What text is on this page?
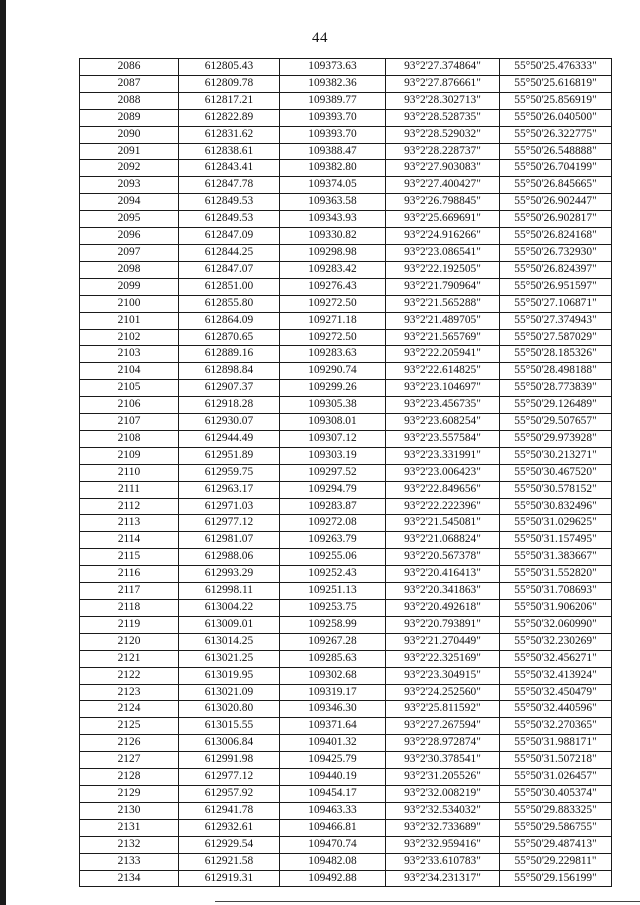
44
2086	612805.43	109373.63	93°2'27.374864"	55°50'25.476333"
2087	612809.78	109382.36	93°2'27.876661"	55°50'25.616819"
2088	612817.21	109389.77	93°2'28.302713"	55°50'25.856919"
2089	612822.89	109393.70	93°2'28.528735"	55°50'26.040500"
2090	612831.62	109393.70	93°2'28.529032"	55°50'26.322775"
2091	612838.61	109388.47	93°2'28.228737"	55°50'26.548888"
2092	612843.41	109382.80	93°2'27.903083"	55°50'26.704199"
2093	612847.78	109374.05	93°2'27.400427"	55°50'26.845665"
2094	612849.53	109363.58	93°2'26.798845"	55°50'26.902447"
2095	612849.53	109343.93	93°2'25.669691"	55°50'26.902817"
2096	612847.09	109330.82	93°2'24.916266"	55°50'26.824168"
2097	612844.25	109298.98	93°2'23.086541"	55°50'26.732930"
2098	612847.07	109283.42	93°2'22.192505"	55°50'26.824397"
2099	612851.00	109276.43	93°2'21.790964"	55°50'26.951597"
2100	612855.80	109272.50	93°2'21.565288"	55°50'27.106871"
2101	612864.09	109271.18	93°2'21.489705"	55°50'27.374943"
2102	612870.65	109272.50	93°2'21.565769"	55°50'27.587029"
2103	612889.16	109283.63	93°2'22.205941"	55°50'28.185326"
2104	612898.84	109290.74	93°2'22.614825"	55°50'28.498188"
2105	612907.37	109299.26	93°2'23.104697"	55°50'28.773839"
2106	612918.28	109305.38	93°2'23.456735"	55°50'29.126489"
2107	612930.07	109308.01	93°2'23.608254"	55°50'29.507657"
2108	612944.49	109307.12	93°2'23.557584"	55°50'29.973928"
2109	612951.89	109303.19	93°2'23.331991"	55°50'30.213271"
2110	612959.75	109297.52	93°2'23.006423"	55°50'30.467520"
2111	612963.17	109294.79	93°2'22.849656"	55°50'30.578152"
2112	612971.03	109283.87	93°2'22.222396"	55°50'30.832496"
2113	612977.12	109272.08	93°2'21.545081"	55°50'31.029625"
2114	612981.07	109263.79	93°2'21.068824"	55°50'31.157495"
2115	612988.06	109255.06	93°2'20.567378"	55°50'31.383667"
2116	612993.29	109252.43	93°2'20.416413"	55°50'31.552820"
2117	612998.11	109251.13	93°2'20.341863"	55°50'31.708693"
2118	613004.22	109253.75	93°2'20.492618"	55°50'31.906206"
2119	613009.01	109258.99	93°2'20.793891"	55°50'32.060990"
2120	613014.25	109267.28	93°2'21.270449"	55°50'32.230269"
2121	613021.25	109285.63	93°2'22.325169"	55°50'32.456271"
2122	613019.95	109302.68	93°2'23.304915"	55°50'32.413924"
2123	613021.09	109319.17	93°2'24.252560"	55°50'32.450479"
2124	613020.80	109346.30	93°2'25.811592"	55°50'32.440596"
2125	613015.55	109371.64	93°2'27.267594"	55°50'32.270365"
2126	613006.84	109401.32	93°2'28.972874"	55°50'31.988171"
2127	612991.98	109425.79	93°2'30.378541"	55°50'31.507218"
2128	612977.12	109440.19	93°2'31.205526"	55°50'31.026457"
2129	612957.92	109454.17	93°2'32.008219"	55°50'30.405374"
2130	612941.78	109463.33	93°2'32.534032"	55°50'29.883325"
2131	612932.61	109466.81	93°2'32.733689"	55°50'29.586755"
2132	612929.54	109470.74	93°2'32.959416"	55°50'29.487413"
2133	612921.58	109482.08	93°2'33.610783"	55°50'29.229811"
2134	612919.31	109492.88	93°2'34.231317"	55°50'29.156199"
